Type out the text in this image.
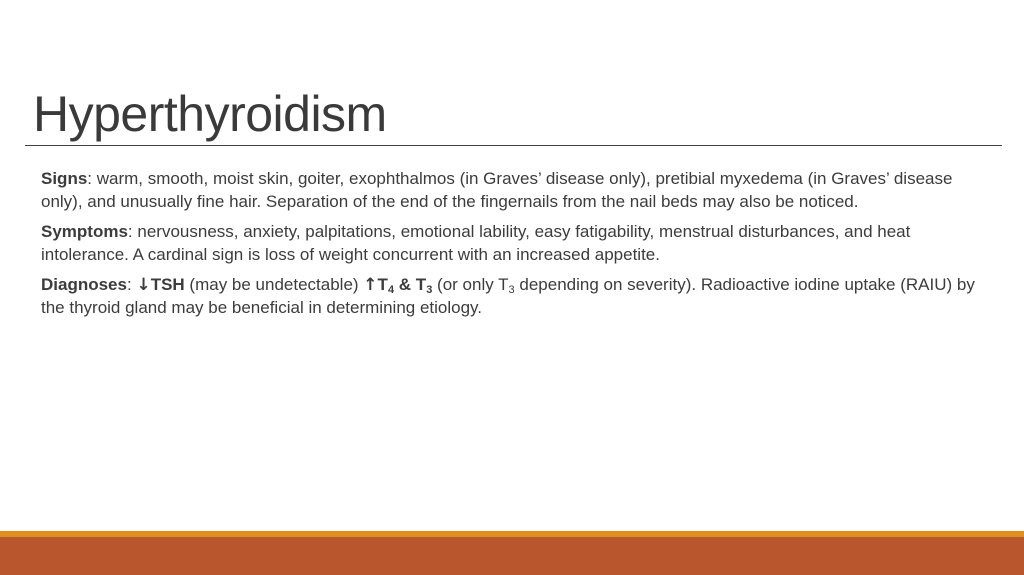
Hyperthyroidism

Signs: warm, smooth, moist skin, goiter, exophthalmos (in Graves’ disease only), pretibial myxedema (in Graves’ disease only), and unusually fine hair. Separation of the end of the fingernails from the nail beds may also be noticed.

Symptoms: nervousness, anxiety, palpitations, emotional lability, easy fatigability, menstrual disturbances, and heat intolerance. A cardinal sign is loss of weight concurrent with an increased appetite.

Diagnoses: ↓TSH (may be undetectable) $↑T_4$ & $T_3$ (or only $T_3$ depending on severity). Radioactive iodine uptake (RAIU) by the thyroid gland may be beneficial in determining etiology.
